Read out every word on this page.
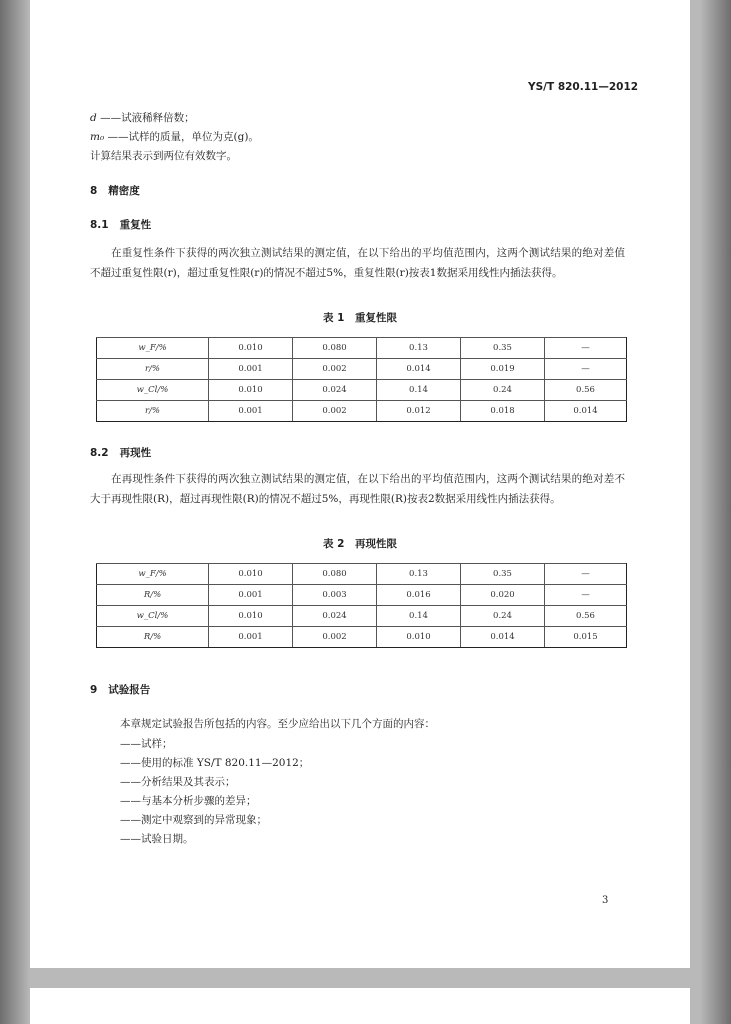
YS/T 820.11—2012
d ——试液稀释倍数；
m₀ ——试样的质量，单位为克(g)。
计算结果表示到两位有效数字。
8 精密度
8.1 重复性
在重复性条件下获得的两次独立测试结果的测定值，在以下给出的平均值范围内，这两个测试结果的绝对差值不超过重复性限(r)，超过重复性限(r)的情况不超过5%，重复性限(r)按表1数据采用线性内插法获得。
表 1　重复性限
w_F/%	0.010	0.080	0.13	0.35	—
r/%	0.001	0.002	0.014	0.019	—
w_Cl/%	0.010	0.024	0.14	0.24	0.56
r/%	0.001	0.002	0.012	0.018	0.014
8.2 再现性
在再现性条件下获得的两次独立测试结果的测定值，在以下给出的平均值范围内，这两个测试结果的绝对差不大于再现性限(R)，超过再现性限(R)的情况不超过5%，再现性限(R)按表2数据采用线性内插法获得。
表 2　再现性限
w_F/%	0.010	0.080	0.13	0.35	—
R/%	0.001	0.003	0.016	0.020	—
w_Cl/%	0.010	0.024	0.14	0.24	0.56
R/%	0.001	0.002	0.010	0.014	0.015
9 试验报告
本章规定试验报告所包括的内容。至少应给出以下几个方面的内容：
——试样；
——使用的标准 YS/T 820.11—2012；
——分析结果及其表示；
——与基本分析步骤的差异；
——测定中观察到的异常现象；
——试验日期。
3
